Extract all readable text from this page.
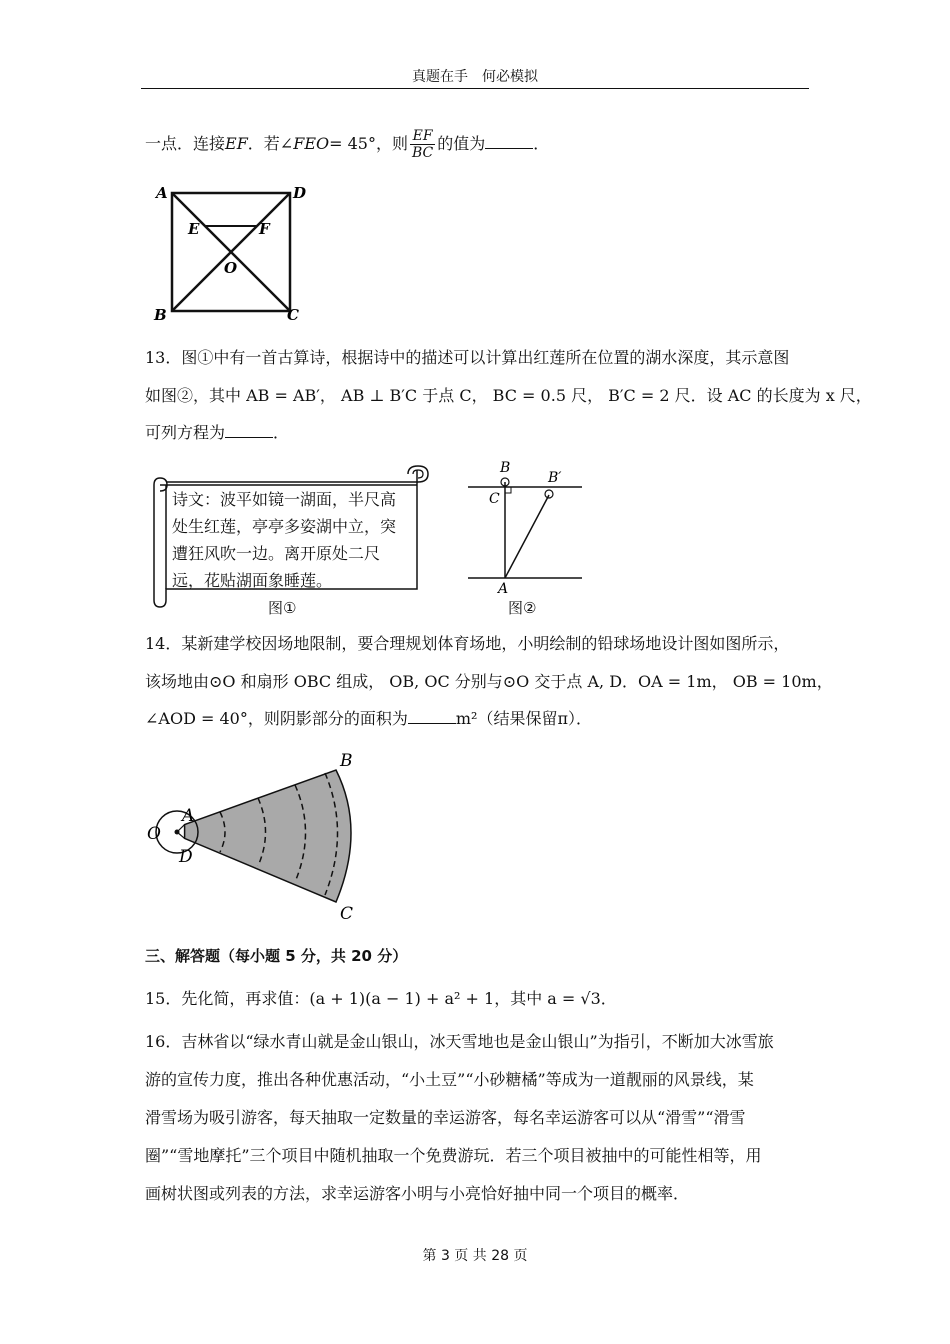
真题在手　何必模拟
一点．连接EF．若∠FEO= 45°，则 $\frac{EF}{BC}$ 的值为	．
A	D
E	F
O
B	C
13．图①中有一首古算诗，根据诗中的描述可以计算出红莲所在位置的湖水深度，其示意图
如图②，其中 AB = AB′， AB ⊥ B′C 于点 C， BC = 0.5 尺， B′C = 2 尺．设 AC 的长度为 x 尺，
可列方程为	．
诗文：波平如镜一湖面，半尺高
处生红莲，亭亭多姿湖中立，突
遭狂风吹一边。离开原处二尺
远，花贴湖面象睡莲。
图①
B
B′
C
A
图②
14．某新建学校因场地限制，要合理规划体育场地，小明绘制的铅球场地设计图如图所示，
该场地由⊙O 和扇形 OBC 组成， OB, OC 分别与⊙O 交于点 A, D．OA = 1m， OB = 10m，
∠AOD = 40°，则阴影部分的面积为	m²（结果保留π）．
O
A
D
B
C
三、解答题（每小题 5 分，共 20 分）
15．先化简，再求值：(a + 1)(a − 1) + a² + 1，其中 a = √3．
16．吉林省以“绿水青山就是金山银山，冰天雪地也是金山银山”为指引，不断加大冰雪旅
游的宣传力度，推出各种优惠活动，“小土豆”“小砂糖橘”等成为一道靓丽的风景线，某
滑雪场为吸引游客，每天抽取一定数量的幸运游客，每名幸运游客可以从“滑雪”“滑雪
圈”“雪地摩托”三个项目中随机抽取一个免费游玩．若三个项目被抽中的可能性相等，用
画树状图或列表的方法，求幸运游客小明与小亮恰好抽中同一个项目的概率．
第 3 页 共 28 页
